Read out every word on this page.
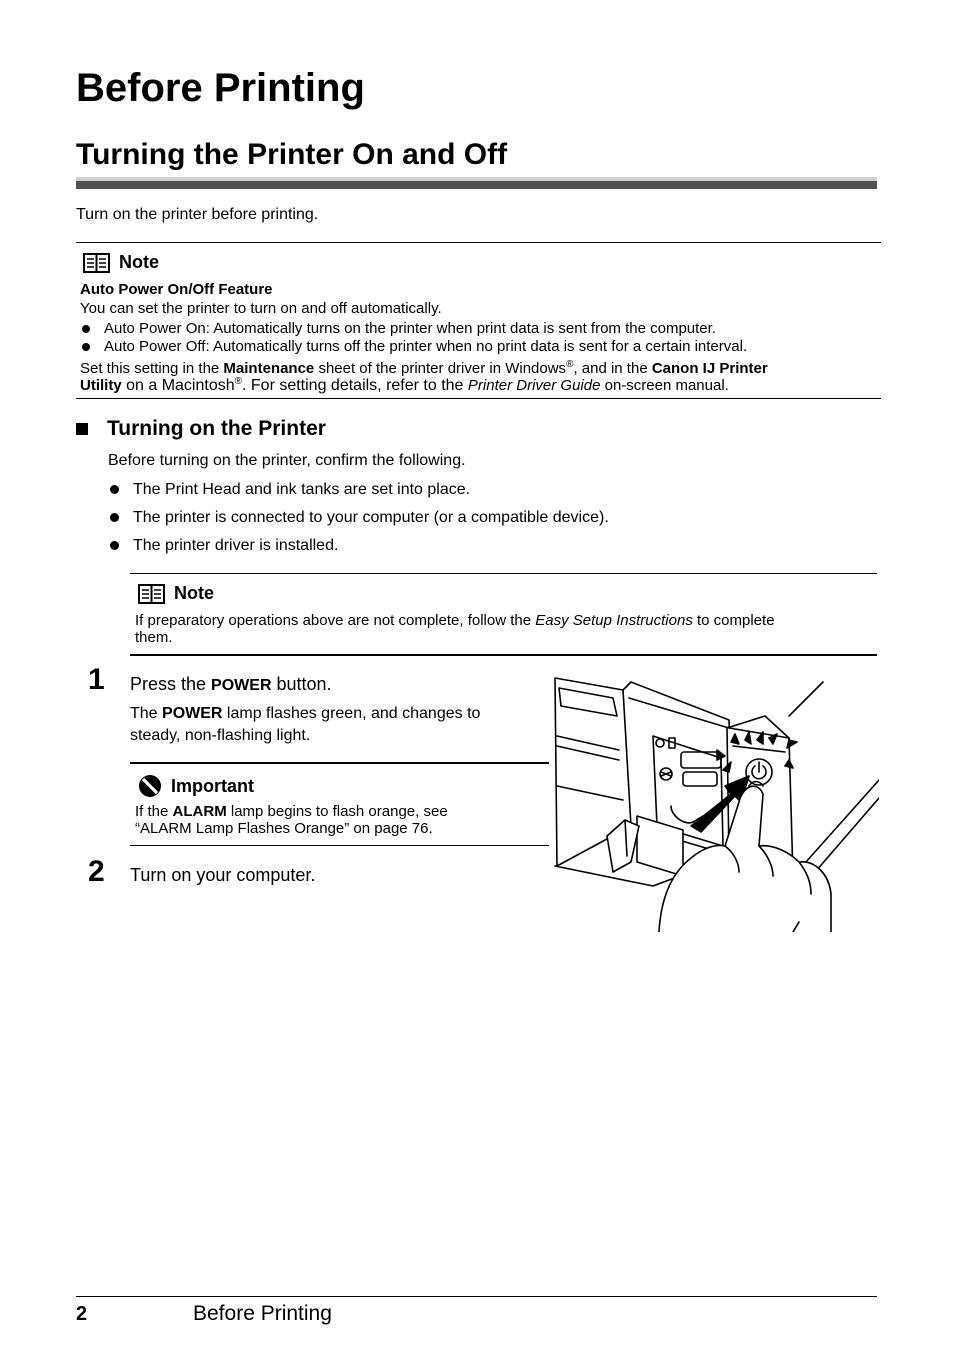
Before Printing
Turning the Printer On and Off
Turn on the printer before printing.
Note
Auto Power On/Off Feature
You can set the printer to turn on and off automatically.
Auto Power On: Automatically turns on the printer when print data is sent from the computer.
Auto Power Off: Automatically turns off the printer when no print data is sent for a certain interval.
Set this setting in the Maintenance sheet of the printer driver in Windows®, and in the Canon IJ Printer
Utility on a Macintosh®. For setting details, refer to the Printer Driver Guide on-screen manual.
Turning on the Printer
Before turning on the printer, confirm the following.
The Print Head and ink tanks are set into place.
The printer is connected to your computer (or a compatible device).
The printer driver is installed.
Note
If preparatory operations above are not complete, follow the Easy Setup Instructions to complete
them.
1 Press the POWER button.
The POWER lamp flashes green, and changes to
steady, non-flashing light.
Important
If the ALARM lamp begins to flash orange, see
“ALARM Lamp Flashes Orange” on page 76.
2 Turn on your computer.
2	Before Printing
